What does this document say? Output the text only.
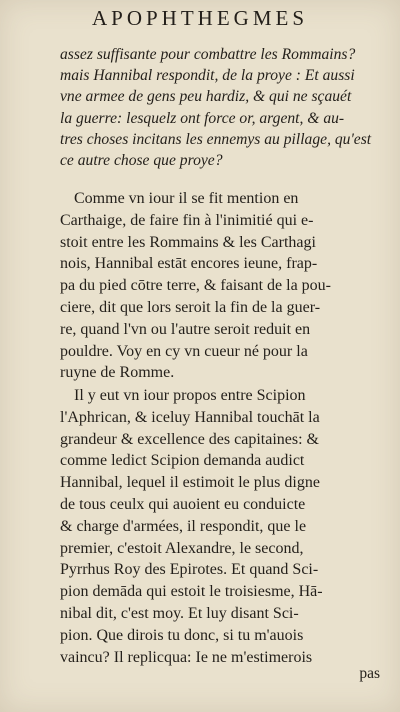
APOPHTHEGMES
assez suffisante pour combattre les Rommains?
mais Hannibal respondit, de la proye : Et aussi
vne armee de gens peu hardiz, & qui ne sçauét
la guerre: lesquelz ont force or, argent, & au-
tres choses incitans les ennemys au pillage, qu'est
ce autre chose que proye?
Comme vn iour il se fit mention en
Carthaige, de faire fin à l'inimitié qui e-
stoit entre les Rommains & les Carthagi
nois, Hannibal estāt encores ieune, frap-
pa du pied cōtre terre, & faisant de la pou-
ciere, dit que lors seroit la fin de la guer-
re, quand l'vn ou l'autre seroit reduit en
pouldre. Voy en cy vn cueur né pour la
ruyne de Romme.
Il y eut vn iour propos entre Scipion
l'Aphrican, & iceluy Hannibal touchāt la
grandeur & excellence des capitaines: &
comme ledict Scipion demanda audict
Hannibal, lequel il estimoit le plus digne
de tous ceulx qui auoient eu conduicte
& charge d'armées, il respondit, que le
premier, c'estoit Alexandre, le second,
Pyrrhus Roy des Epirotes. Et quand Sci-
pion demāda qui estoit le troisiesme, Hā-
nibal dit, c'est moy. Et luy disant Sci-
pion. Que dirois tu donc, si tu m'auois
vaincu? Il replicqua: Ie ne m'estimerois
pas
